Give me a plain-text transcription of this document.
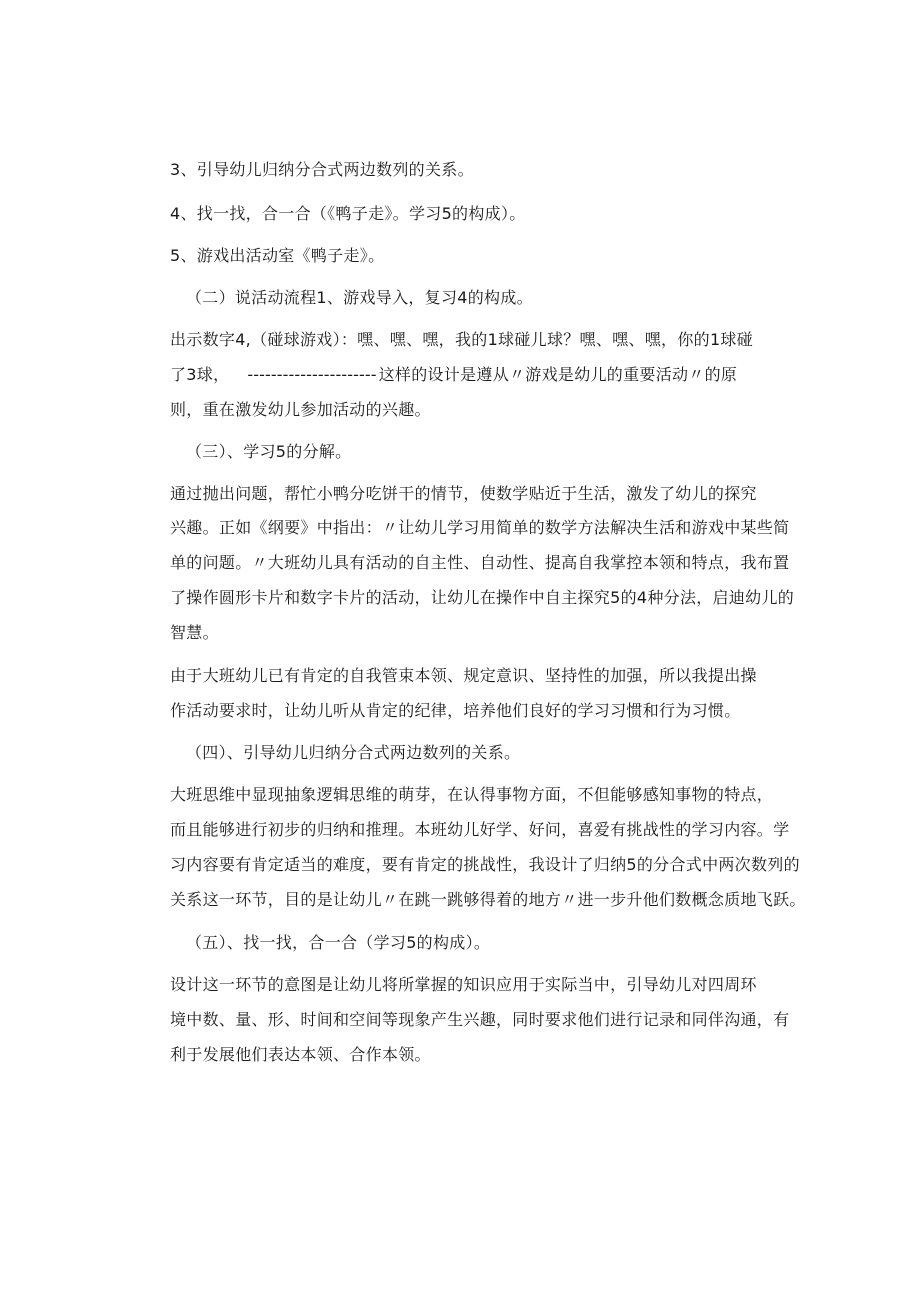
3、引导幼儿归纳分合式两边数列的关系。

4、找一找，合一合（《鸭子走》。学习5的构成）。

5、游戏出活动室《鸭子走》。

（二）说活动流程1、游戏导入，复习4的构成。

出示数字4,（碰球游戏）：嘿、嘿、嘿，我的1球碰儿球？嘿、嘿、嘿，你的1球碰

了3球， ---------------------- 这样的设计是遵从〃游戏是幼儿的重要活动〃的原

则，重在激发幼儿参加活动的兴趣。

（三）、学习5的分解。

通过抛出问题，帮忙小鸭分吃饼干的情节，使数学贴近于生活，激发了幼儿的探究

兴趣。正如《纲要》中指出：〃让幼儿学习用简单的数学方法解决生活和游戏中某些简

单的问题。〃大班幼儿具有活动的自主性、自动性、提高自我掌控本领和特点，我布置

了操作圆形卡片和数字卡片的活动，让幼儿在操作中自主探究5的4种分法，启迪幼儿的

智慧。

由于大班幼儿已有肯定的自我管束本领、规定意识、坚持性的加强，所以我提出操

作活动要求时，让幼儿听从肯定的纪律，培养他们良好的学习习惯和行为习惯。

（四）、引导幼儿归纳分合式两边数列的关系。

大班思维中显现抽象逻辑思维的萌芽，在认得事物方面，不但能够感知事物的特点，

而且能够进行初步的归纳和推理。本班幼儿好学、好问，喜爱有挑战性的学习内容。学

习内容要有肯定适当的难度，要有肯定的挑战性，我设计了归纳5的分合式中两次数列的

关系这一环节，目的是让幼儿〃在跳一跳够得着的地方〃进一步升他们数概念质地飞跃。

（五）、找一找，合一合（学习5的构成）。

设计这一环节的意图是让幼儿将所掌握的知识应用于实际当中，引导幼儿对四周环

境中数、量、形、时间和空间等现象产生兴趣，同时要求他们进行记录和同伴沟通，有

利于发展他们表达本领、合作本领。
